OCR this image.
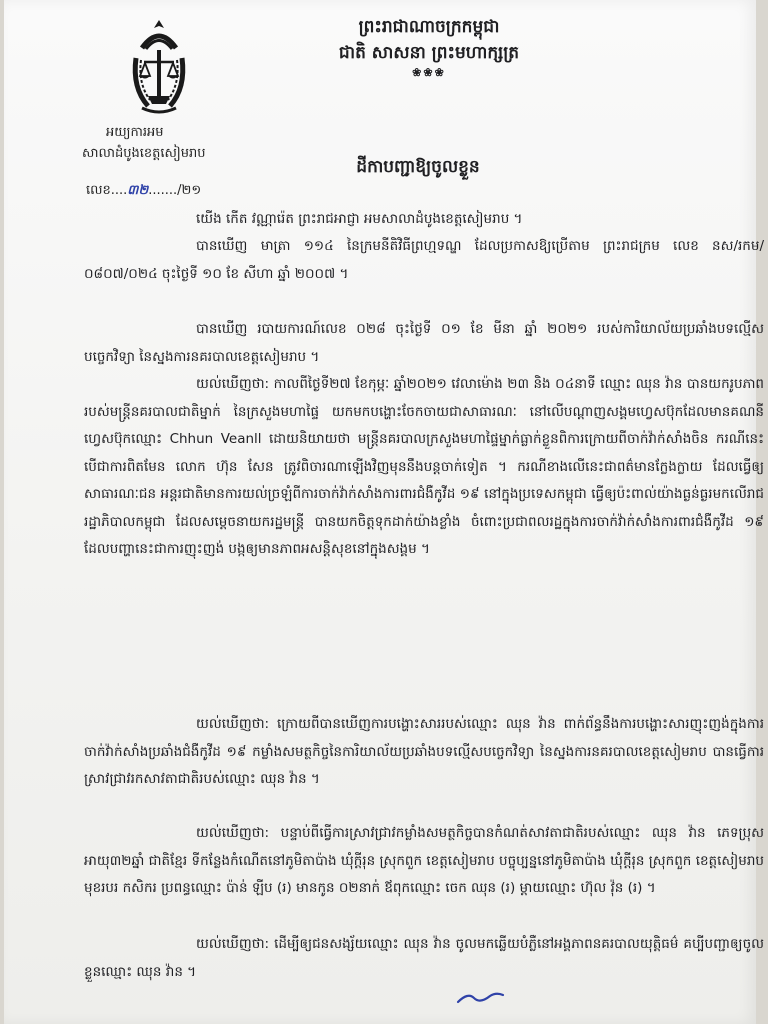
អយ្យការអម
សាលាដំបូងខេត្តសៀមរាប
ព្រះរាជាណាចក្រកម្ពុជា
ជាតិ សាសនា ព្រះមហាក្សត្រ
❀❀❀
ដីកាបញ្ជាឱ្យចូលខ្លួន
លេខ....៣២......./២១

យើង កើត វណ្ណារ៉េត ព្រះរាជអាជ្ញា អមសាលាដំបូងខេត្តសៀមរាប ។

បានឃើញ មាត្រា ១១៤ នៃក្រមនីតិវិធីព្រហ្មទណ្ឌ ដែលប្រកាសឱ្យប្រើតាម ព្រះរាជក្រម លេខ នស/រកម/០៨០៧/០២៤ ចុះថ្ងៃទី ១០ ខែ សីហា ឆ្នាំ ២០០៧ ។

បានឃើញ របាយការណ៍លេខ ០២៨ ចុះថ្ងៃទី ០១ ខែ មីនា ឆ្នាំ ២០២១ របស់ការិយាល័យប្រឆាំងបទល្មើសបច្ចេកវិទ្យា នៃស្នងការនគរបាលខេត្តសៀមរាប ។

យល់ឃើញថា: កាលពីថ្ងៃទី២៧ ខែកុម្ភៈ ឆ្នាំ២០២១ វេលាម៉ោង ២៣ និង ០៤នាទី ឈ្មោះ ឈុន វ៉ាន បានយករូបភាពរបស់មន្ត្រីនគរបាលជាតិម្នាក់ នៃក្រសួងមហាផ្ទៃ យកមកបង្ហោះចែកចាយជាសាធារណៈ នៅលើបណ្តាញសង្គមហ្វេសប៊ុកដែលមានគណនីហ្វេសប៊ុកឈ្មោះ Chhun Veanll ដោយនិយាយថា មន្ត្រីនគរបាលក្រសួងមហាផ្ទៃម្នាក់ធ្លាក់ខ្លួនពិការក្រោយពីចាក់វ៉ាក់សាំងចិន ករណីនេះបើជាការពិតមែន លោក ហ៊ុន សែន ត្រូវពិចារណាឡើងវិញមុននឹងបន្តចាក់ទៀត ។ ករណីខាងលើនេះជាពត៌មានក្លែងក្លាយ ដែលធ្វើឲ្យសាធារណៈជន អន្តរជាតិមានការយល់ច្រឡំពីការចាក់វ៉ាក់សាំងការពារជំងឺកូវីដ ១៩ នៅក្នុងប្រទេសកម្ពុជា ធ្វើឲ្យប៉ះពាល់យ៉ាងធ្ងន់ធ្ងរមកលើរាជរដ្ឋាភិបាលកម្ពុជា ដែលសម្តេចនាយករដ្ឋមន្ត្រី បានយកចិត្តទុកដាក់យ៉ាងខ្លាំង ចំពោះប្រជាពលរដ្ឋក្នុងការចាក់វ៉ាក់សាំងការពារជំងឺកូវីដ ១៩ ដែលបញ្ហានេះជាការញុះញង់ បង្កឲ្យមានភាពអសន្តិសុខនៅក្នុងសង្គម ។

យល់ឃើញថា: ក្រោយពីបានឃើញការបង្ហោះសាររបស់ឈ្មោះ ឈុន វ៉ាន ពាក់ព័ន្ធនឹងការបង្ហោះសារញុះញង់ក្នុងការចាក់វ៉ាក់សាំងប្រឆាំងជំងឺកូវីដ ១៩ កម្លាំងសមត្ថកិច្ចនៃការិយាល័យប្រឆាំងបទល្មើសបច្ចេកវិទ្យា នៃស្នងការនគរបាលខេត្តសៀមរាប បានធ្វើការស្រាវជ្រាវរកសាវតាជាតិរបស់ឈ្មោះ ឈុន វ៉ាន ។

យល់ឃើញថា: បន្ទាប់ពីធ្វើការស្រាវជ្រាវកម្លាំងសមត្ថកិច្ចបានកំណត់សាវតាជាតិរបស់ឈ្មោះ ឈុន វ៉ាន ភេទប្រុស អាយុ៣២ឆ្នាំ ជាតិខ្មែរ ទីកន្លែងកំណើតនៅភូមិតាប៉ាង ឃុំក្តីរុន ស្រុកពួក ខេត្តសៀមរាប បច្ចុប្បន្ននៅភូមិតាប៉ាង ឃុំក្តីរុន ស្រុកពួក ខេត្តសៀមរាប មុខរបរ កសិករ ប្រពន្ធឈ្មោះ ប៉ាន់ ឡីប (រ) មានកូន ០២នាក់ ឪពុកឈ្មោះ ចេក ឈុន (រ) ម្តាយឈ្មោះ ហ៊ុល វ៉ុន (រ) ។

យល់ឃើញថា: ដើម្បីឲ្យជនសង្ស័យឈ្មោះ ឈុន វ៉ាន ចូលមកឆ្លើយបំភ្លឺនៅអង្គភាពនគរបាលយុត្តិធម៌ គប្បីបញ្ជាឲ្យចូលខ្លួនឈ្មោះ ឈុន វ៉ាន ។
